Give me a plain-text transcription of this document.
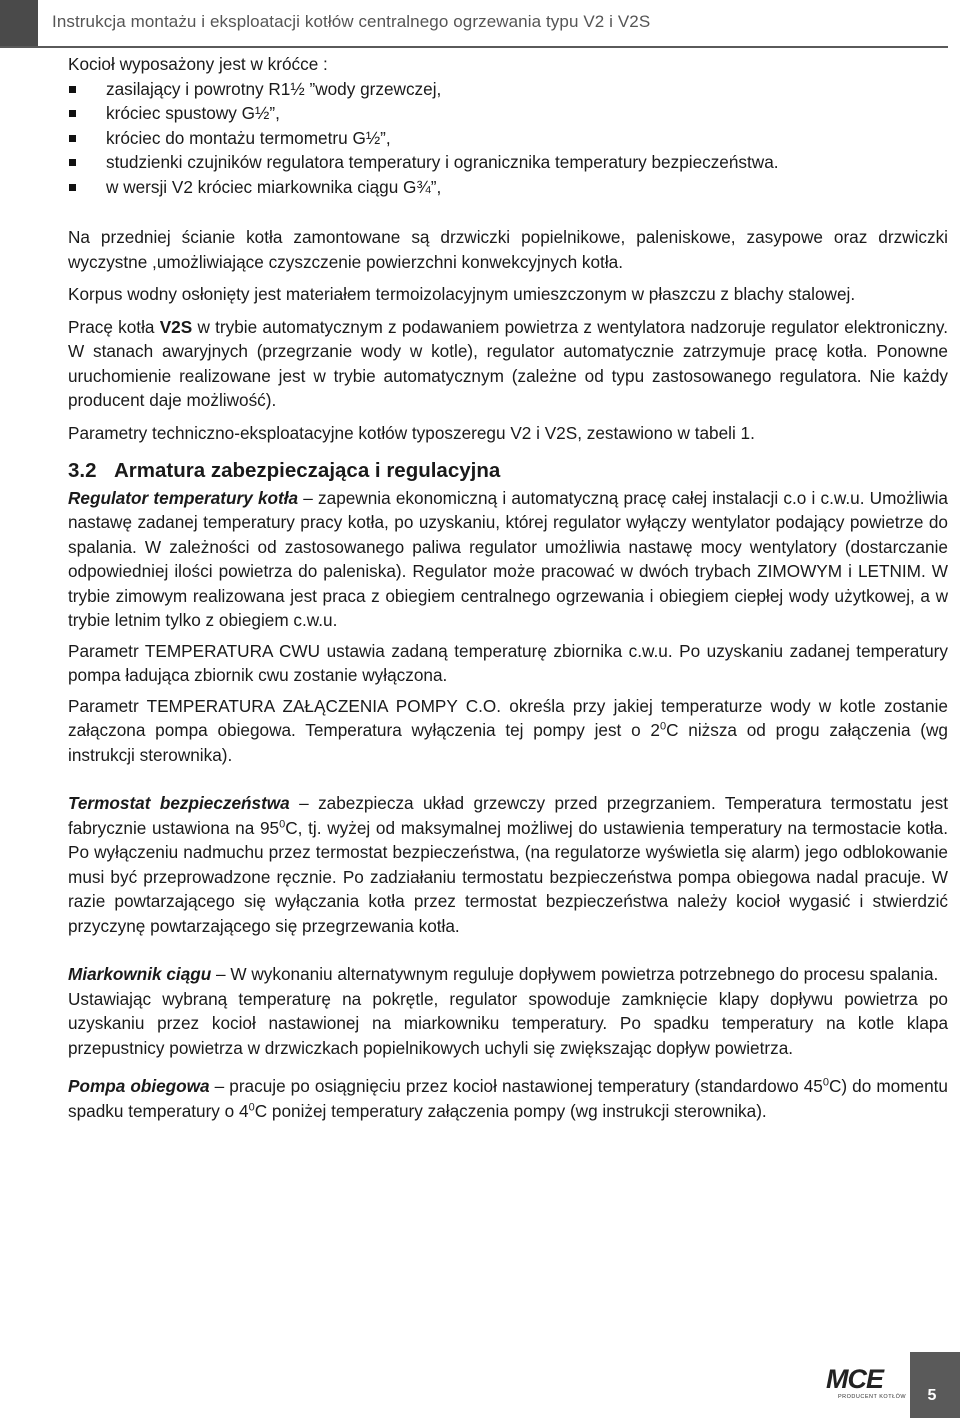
Instrukcja montażu i eksploatacji kotłów centralnego ogrzewania typu V2 i V2S

Kocioł wyposażony jest w króćce :

zasilający i powrotny R1½ ”wody grzewczej,
króciec spustowy G½”,
króciec do montażu termometru G½”,
studzienki czujników regulatora temperatury i ogranicznika temperatury bezpieczeństwa.
w wersji V2 króciec miarkownika ciągu G¾”,

Na przedniej ścianie kotła zamontowane są drzwiczki popielnikowe, paleniskowe, zasypowe oraz drzwiczki wyczystne ,umożliwiające czyszczenie powierzchni konwekcyjnych kotła.

Korpus wodny osłonięty jest materiałem termoizolacyjnym umieszczonym w płaszczu z blachy stalowej.

Pracę kotła V2S w trybie automatycznym z podawaniem powietrza z wentylatora nadzoruje regulator elektroniczny. W stanach awaryjnych (przegrzanie wody w kotle), regulator automatycznie zatrzymuje pracę kotła. Ponowne uruchomienie realizowane jest w trybie automatycznym (zależne od typu zastosowanego regulatora. Nie każdy producent daje możliwość).

Parametry techniczno-eksploatacyjne kotłów typoszeregu V2 i V2S, zestawiono w tabeli 1.

3.2 Armatura zabezpieczająca i regulacyjna

Regulator temperatury kotła – zapewnia ekonomiczną i automatyczną pracę całej instalacji c.o i c.w.u. Umożliwia nastawę zadanej temperatury pracy kotła, po uzyskaniu, której regulator wyłączy wentylator podający powietrze do spalania. W zależności od zastosowanego paliwa regulator umożliwia nastawę mocy wentylatory (dostarczanie odpowiedniej ilości powietrza do paleniska). Regulator może pracować w dwóch trybach ZIMOWYM i LETNIM. W trybie zimowym realizowana jest praca z obiegiem centralnego ogrzewania i obiegiem ciepłej wody użytkowej, a w trybie letnim tylko z obiegiem c.w.u.

Parametr TEMPERATURA CWU ustawia zadaną temperaturę zbiornika c.w.u. Po uzyskaniu zadanej temperatury pompa ładująca zbiornik cwu zostanie wyłączona.

Parametr TEMPERATURA ZAŁĄCZENIA POMPY C.O. określa przy jakiej temperaturze wody w kotle zostanie załączona pompa obiegowa. Temperatura wyłączenia tej pompy jest o $2^0C$ niższa od progu załączenia (wg instrukcji sterownika).

Termostat bezpieczeństwa – zabezpiecza układ grzewczy przed przegrzaniem. Temperatura termostatu jest fabrycznie ustawiona na $95^0C$, tj. wyżej od maksymalnej możliwej do ustawienia temperatury na termostacie kotła. Po wyłączeniu nadmuchu przez termostat bezpieczeństwa, (na regulatorze wyświetla się alarm) jego odblokowanie musi być przeprowadzone ręcznie. Po zadziałaniu termostatu bezpieczeństwa pompa obiegowa nadal pracuje. W razie powtarzającego się wyłączania kotła przez termostat bezpieczeństwa należy kocioł wygasić i stwierdzić przyczynę powtarzającego się przegrzewania kotła.

Miarkownik ciągu – W wykonaniu alternatywnym reguluje dopływem powietrza potrzebnego do procesu spalania.

Ustawiając wybraną temperaturę na pokrętle, regulator spowoduje zamknięcie klapy dopływu powietrza po uzyskaniu przez kocioł nastawionej na miarkowniku temperatury. Po spadku temperatury na kotle klapa przepustnicy powietrza w drzwiczkach popielnikowych uchyli się zwiększając dopływ powietrza.

Pompa obiegowa – pracuje po osiągnięciu przez kocioł nastawionej temperatury (standardowo $45^0C$) do momentu spadku temperatury o $4^0C$ poniżej temperatury załączenia pompy (wg instrukcji sterownika).

MCE
PRODUCENT KOTŁÓW	5
